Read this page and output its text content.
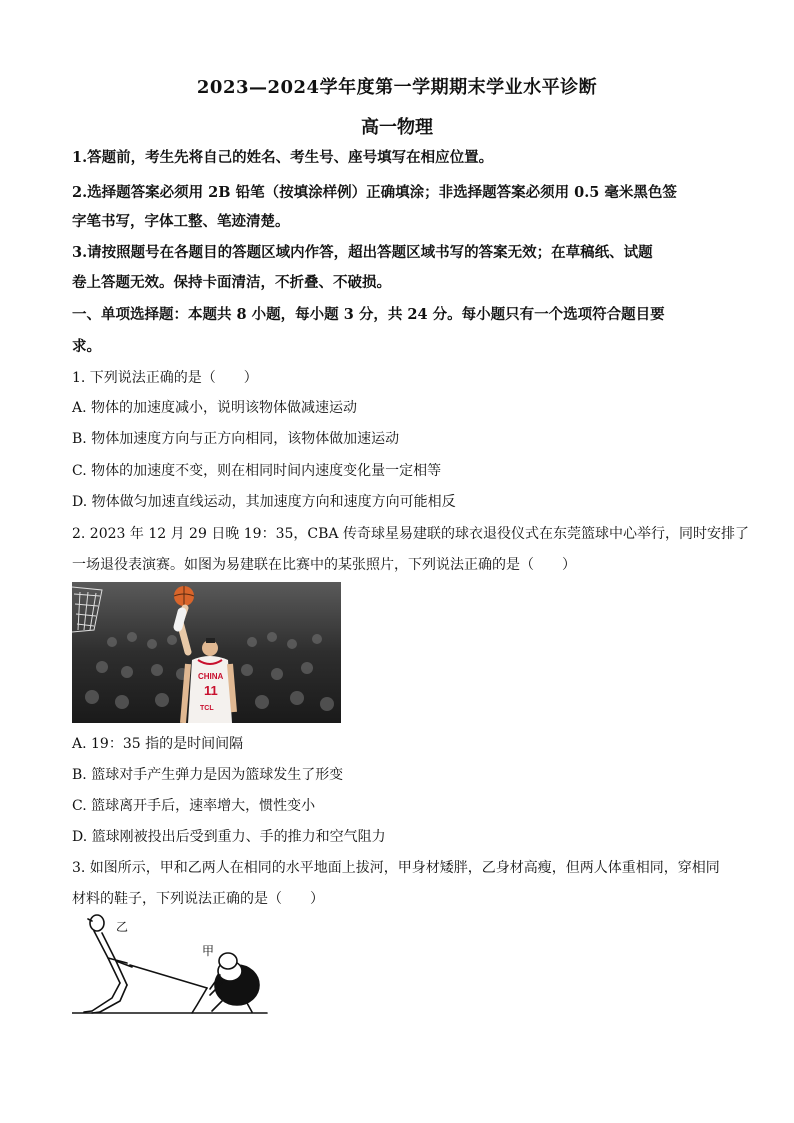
2023—2024学年度第一学期期末学业水平诊断
高一物理
1.答题前，考生先将自己的姓名、考生号、座号填写在相应位置。
2.选择题答案必须用 2B 铅笔（按填涂样例）正确填涂；非选择题答案必须用 0.5 毫米黑色签
字笔书写，字体工整、笔迹清楚。
3.请按照题号在各题目的答题区域内作答，超出答题区域书写的答案无效；在草稿纸、试题
卷上答题无效。保持卡面清洁，不折叠、不破损。
一、单项选择题：本题共 8 小题，每小题 3 分，共 24 分。每小题只有一个选项符合题目要
求。
1. 下列说法正确的是（　　）
A. 物体的加速度减小，说明该物体做减速运动
B. 物体加速度方向与正方向相同，该物体做加速运动
C. 物体的加速度不变，则在相同时间内速度变化量一定相等
D. 物体做匀加速直线运动，其加速度方向和速度方向可能相反
2. 2023 年 12 月 29 日晚 19：35，CBA 传奇球星易建联的球衣退役仪式在东莞篮球中心举行，同时安排了
一场退役表演赛。如图为易建联在比赛中的某张照片，下列说法正确的是（　　）
CHINA
11
TCL
A. 19：35 指的是时间间隔
B. 篮球对手产生弹力是因为篮球发生了形变
C. 篮球离开手后，速率增大，惯性变小
D. 篮球刚被投出后受到重力、手的推力和空气阻力
3. 如图所示，甲和乙两人在相同的水平地面上拔河，甲身材矮胖，乙身材高瘦，但两人体重相同，穿相同
材料的鞋子，下列说法正确的是（　　）
乙
甲
